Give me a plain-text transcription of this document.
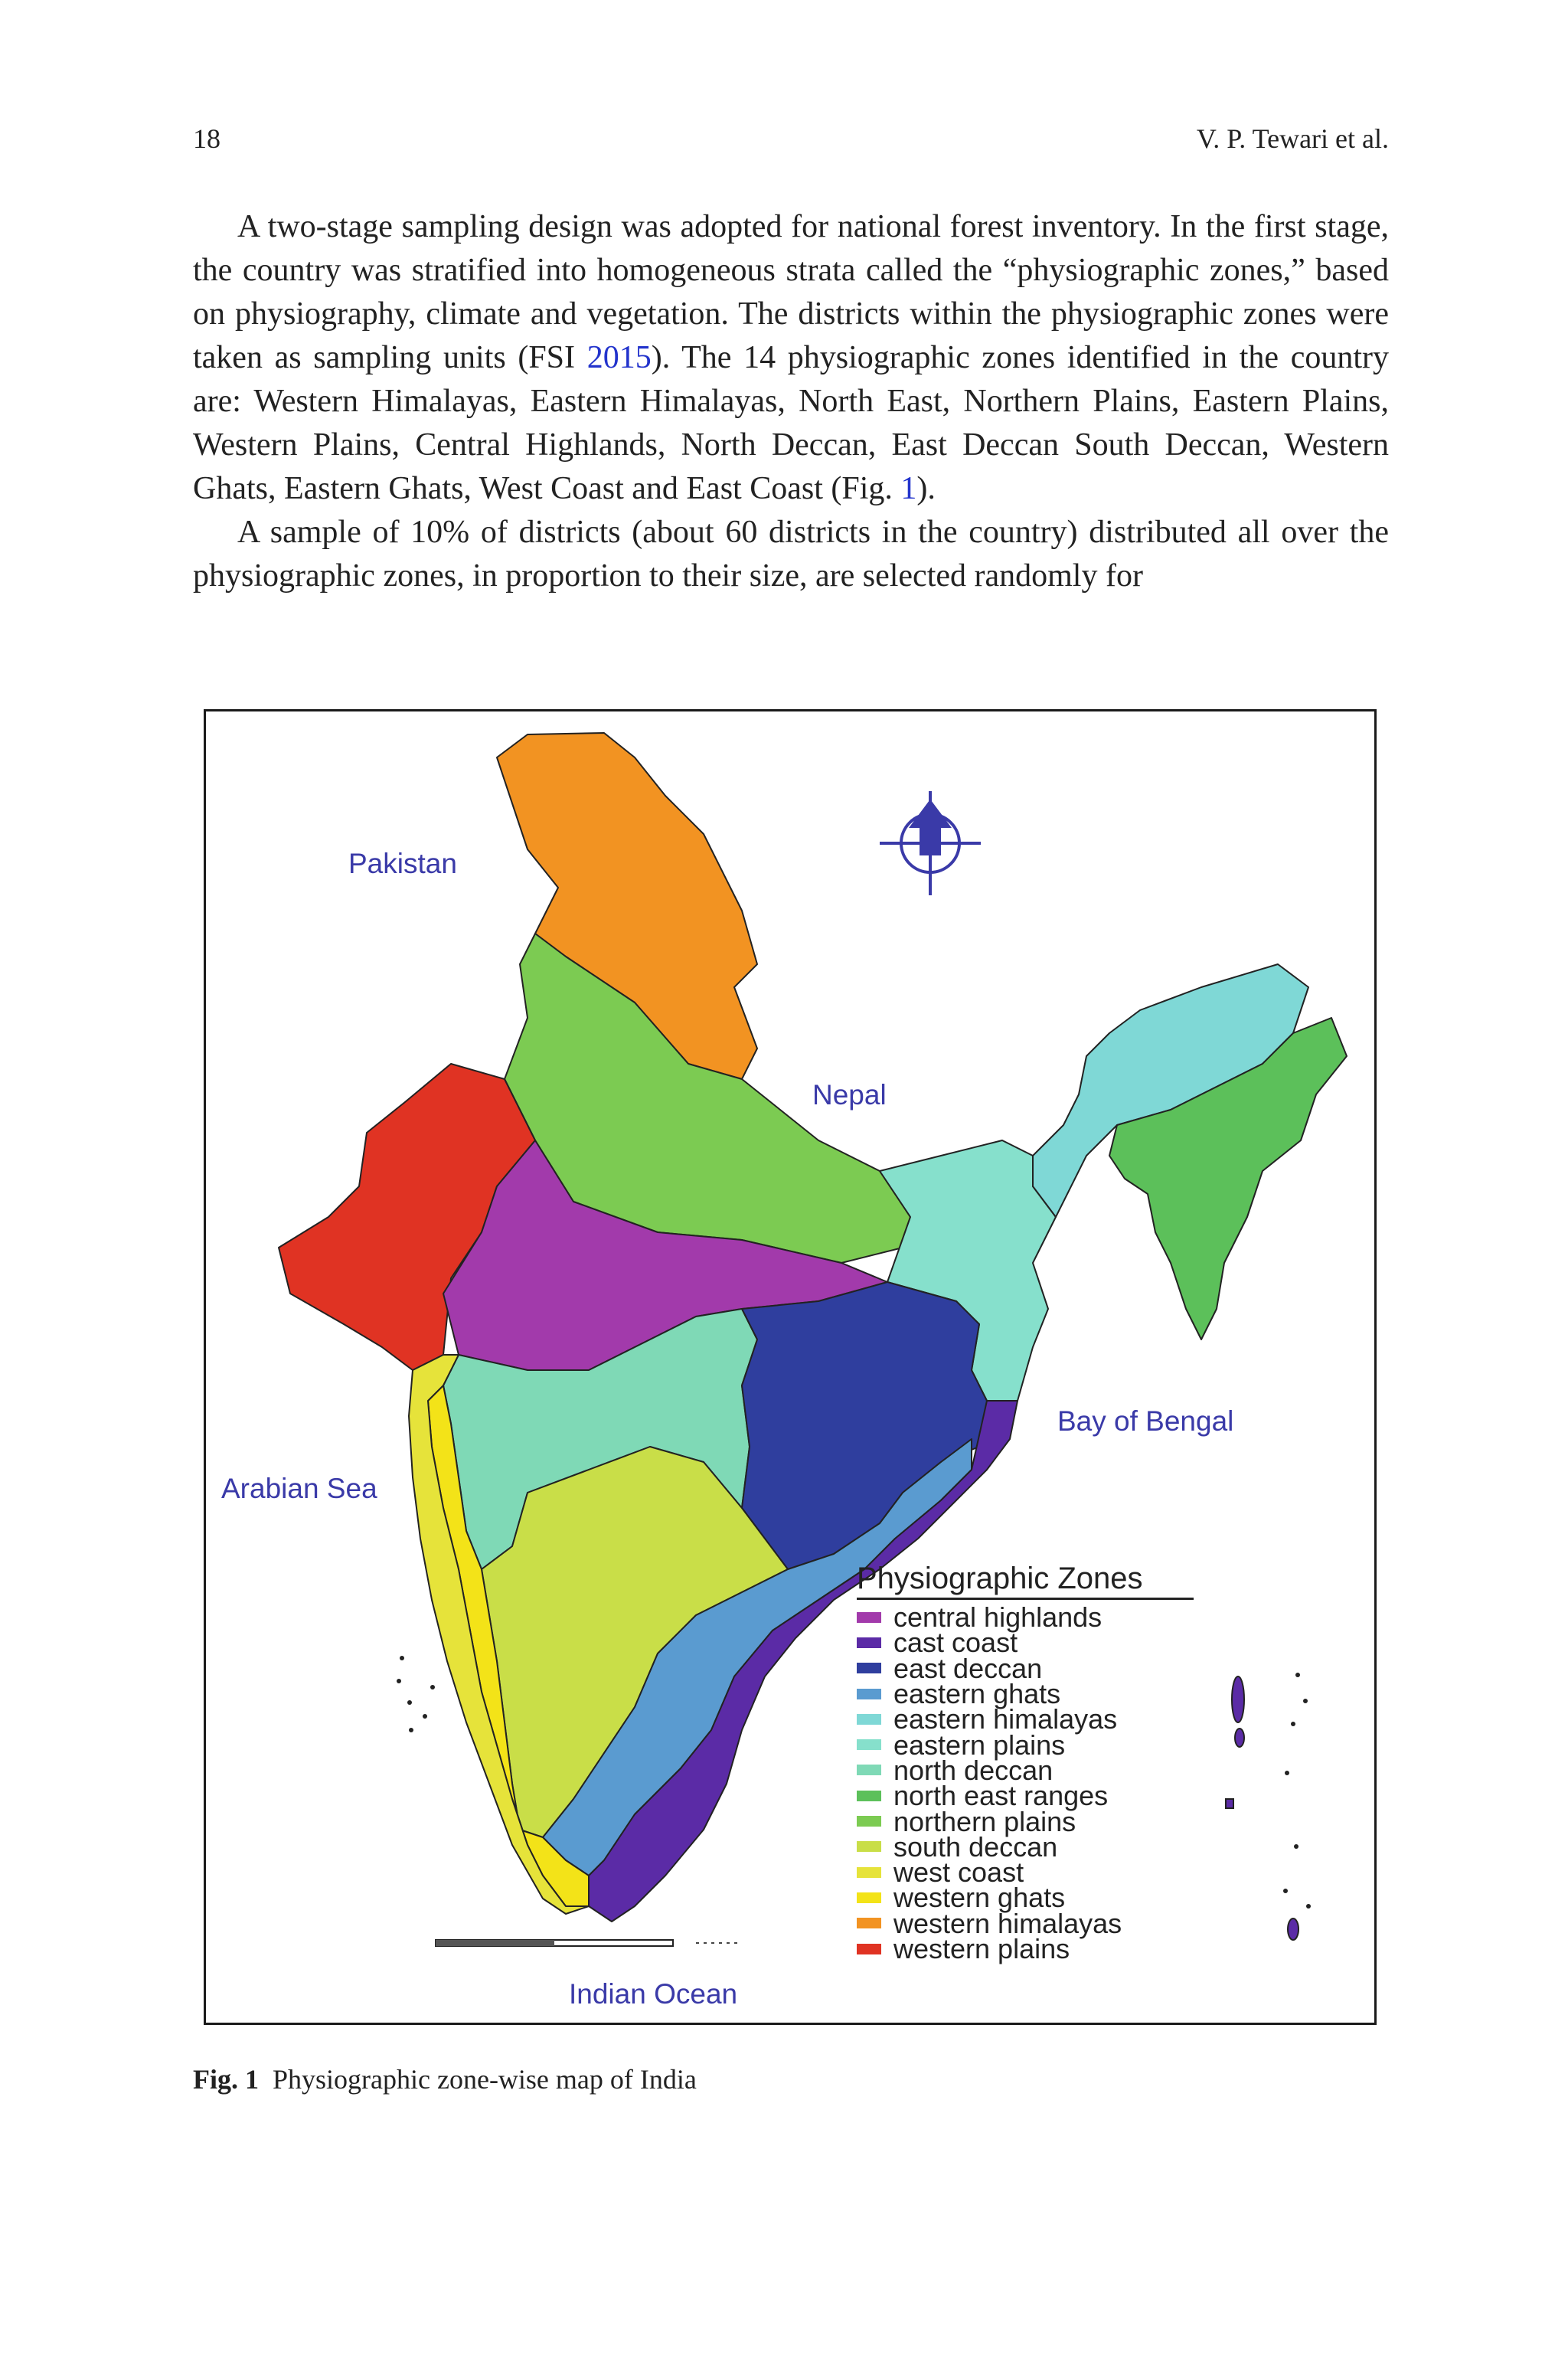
18	V. P. Tewari et al.

A two-stage sampling design was adopted for national forest inventory. In the first stage, the country was stratified into homogeneous strata called the “physiographic zones,” based on physiography, climate and vegetation. The districts within the physiographic zones were taken as sampling units (FSI 2015). The 14 physiographic zones identified in the country are: Western Himalayas, Eastern Himalayas, North East, Northern Plains, Eastern Plains, Western Plains, Central Highlands, North Deccan, East Deccan South Deccan, Western Ghats, Eastern Ghats, West Coast and East Coast (Fig. 1).

A sample of 10% of districts (about 60 districts in the country) distributed all over the physiographic zones, in proportion to their size, are selected randomly for

Pakistan
Nepal
Bay of Bengal
Arabian Sea
Indian Ocean
Physiographic Zones
central highlands
cast coast
east deccan
eastern ghats
eastern himalayas
eastern plains
north deccan
north east ranges
northern plains
south deccan
west coast
western ghats
western himalayas
western plains
Fig. 1 Physiographic zone-wise map of India
